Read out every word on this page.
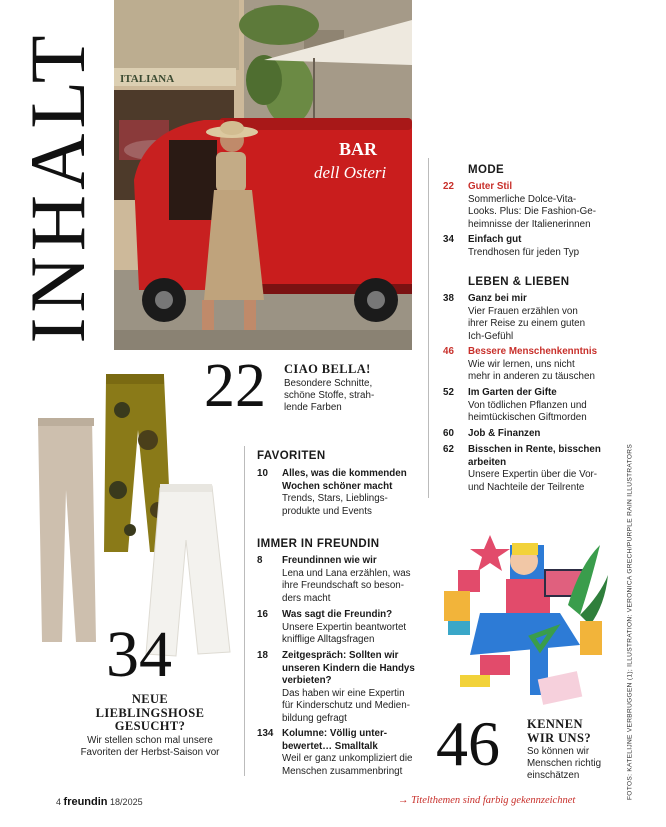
INHALT ITALIANA
BAR
dell Osteri
FOTOS: KATELIJNE VERBRUGGEN (1); ILLUSTRATION: VERONICA GRECH/PURPLE RAIN ILLUSTRATORS
22 CIAO BELLA!
Besondere Schnitte,
schöne Stoffe, strah-
lende Farben
34
NEUE
LIEBLINGSHOSE
GESUCHT?
Wir stellen schon mal unsere
Favoriten der Herbst-Saison vor
FAVORITEN
10 Alles, was die kommenden
Wochen schöner macht
Trends, Stars, Lieblings-
produkte und Events
IMMER IN FREUNDIN
8 Freundinnen wie wir
Lena und Lana erzählen, was
ihre Freundschaft so beson-
ders macht
16 Was sagt die Freundin?
Unsere Expertin beantwortet
knifflige Alltagsfragen
18 Zeitgespräch: Sollten wir
unseren Kindern die Handys
verbieten?
Das haben wir eine Expertin
für Kinderschutz und Medien-
bildung gefragt
134 Kolumne: Völlig unter-
bewertet… Smalltalk
Weil er ganz unkompliziert die
Menschen zusammenbringt
MODE
22 Guter Stil
Sommerliche Dolce-Vita-
Looks. Plus: Die Fashion-Ge-
heimnisse der Italienerinnen
34 Einfach gut
Trendhosen für jeden Typ
LEBEN & LIEBEN
38 Ganz bei mir
Vier Frauen erzählen von
ihrer Reise zu einem guten
Ich-Gefühl
46 Bessere Menschenkenntnis
Wie wir lernen, uns nicht
mehr in anderen zu täuschen
52 Im Garten der Gifte
Von tödlichen Pflanzen und
heimtückischen Giftmorden
60 Job & Finanzen
62 Bisschen in Rente, bisschen
arbeiten
Unsere Expertin über die Vor-
und Nachteile der Teilrente
46 KENNEN
WIR UNS?
So können wir
Menschen richtig
einschätzen
4 freundin 18/2025	→ Titelthemen sind farbig gekennzeichnet
